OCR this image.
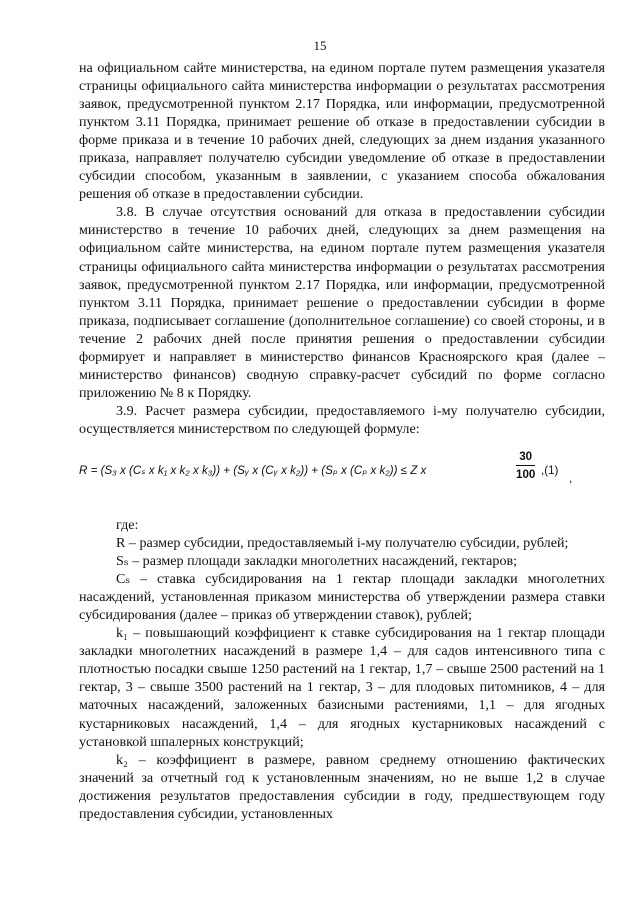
15

на официальном сайте министерства, на едином портале путем размещения указателя страницы официального сайта министерства информации о результатах рассмотрения заявок, предусмотренной пунктом 2.17 Порядка, или информации, предусмотренной пунктом 3.11 Порядка, принимает решение об отказе в предоставлении субсидии в форме приказа и в течение 10 рабочих дней, следующих за днем издания указанного приказа, направляет получателю субсидии уведомление об отказе в предоставлении субсидии способом, указанным в заявлении, с указанием способа обжалования решения об отказе в предоставлении субсидии.

3.8. В случае отсутствия оснований для отказа в предоставлении субсидии министерство в течение 10 рабочих дней, следующих за днем размещения на официальном сайте министерства, на едином портале путем размещения указателя страницы официального сайта министерства информации о результатах рассмотрения заявок, предусмотренной пунктом 2.17 Порядка, или информации, предусмотренной пунктом 3.11 Порядка, принимает решение о предоставлении субсидии в форме приказа, подписывает соглашение (дополнительное соглашение) со своей стороны, и в течение 2 рабочих дней после принятия решения о предоставлении субсидии формирует и направляет в министерство финансов Красноярского края (далее – министерство финансов) сводную справку-расчет субсидий по форме согласно приложению № 8 к Порядку.

3.9. Расчет размера субсидии, предоставляемого i-му получателю субсидии, осуществляется министерством по следующей формуле:

R = (S₃ x (Cₛ x k₁ x k₂ x k₃)) + (Sᵧ x (Cᵧ x k₂)) + (Sₚ x (Cₚ x k₂)) ≤ Z x	$\frac{30}{100} ,(1)$
,

где:

R – размер субсидии, предоставляемый i-му получателю субсидии, рублей;

Sₛ – размер площади закладки многолетних насаждений, гектаров;

Cₛ – ставка субсидирования на 1 гектар площади закладки многолетних насаждений, установленная приказом министерства об утверждении размера ставки субсидирования (далее – приказ об утверждении ставок), рублей;

k₁ – повышающий коэффициент к ставке субсидирования на 1 гектар площади закладки многолетних насаждений в размере 1,4 – для садов интенсивного типа с плотностью посадки свыше 1250 растений на 1 гектар, 1,7 – свыше 2500 растений на 1 гектар, 3 – свыше 3500 растений на 1 гектар, 3 – для плодовых питомников, 4 – для маточных насаждений, заложенных базисными растениями, 1,1 – для ягодных кустарниковых насаждений, 1,4 – для ягодных кустарниковых насаждений с установкой шпалерных конструкций;

k₂ – коэффициент в размере, равном среднему отношению фактических значений за отчетный год к установленным значениям, но не выше 1,2 в случае достижения результатов предоставления субсидии в году, предшествующем году предоставления субсидии, установленных
